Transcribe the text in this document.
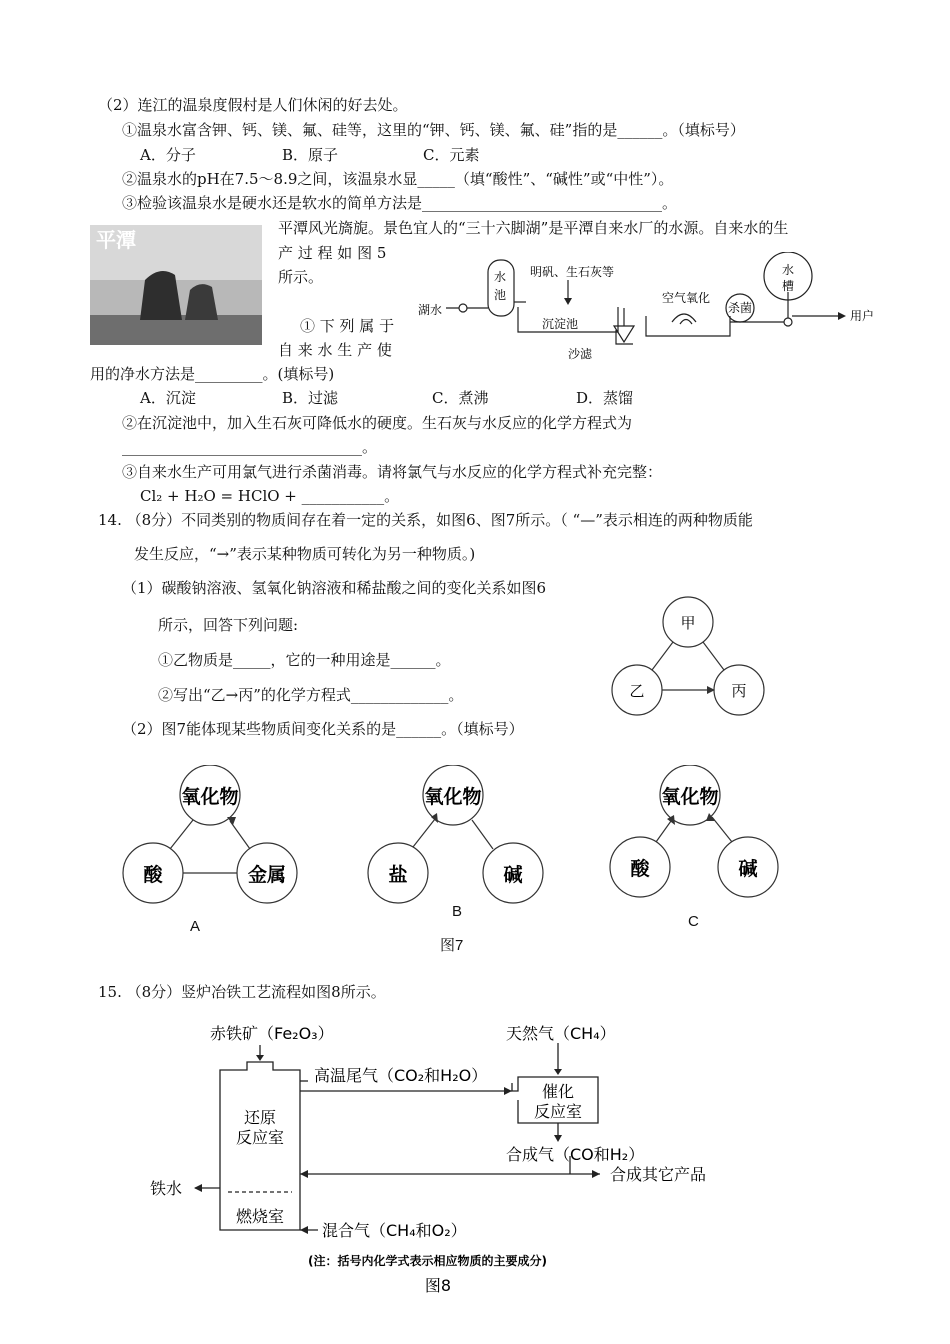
（2）连江的温泉度假村是人们休闲的好去处。
①温泉水富含钾、钙、镁、氟、硅等，这里的“钾、钙、镁、氟、硅”指的是______。（填标号）
A．分子	B．原子	C．元素
②温泉水的pH在7.5～8.9之间，该温泉水显_____（填“酸性”、“碱性”或“中性”）。
③检验该温泉水是硬水还是软水的简单方法是________________________________。
平潭	平潭风光旖旎。景色宜人的“三十六脚湖”是平潭自来水厂的水源。自来水的生
产 过 程 如 图 5
所示。
① 下 列 属 于
自 来 水 生 产 使
用的净水方法是_________。(填标号)
湖水
水
池
明矾、生石灰等
沉淀池
沙滤
空气氧化
杀菌
水
槽
用户
A．沉淀	B．过滤	C．煮沸	D．蒸馏
②在沉淀池中，加入生石灰可降低水的硬度。生石灰与水反应的化学方程式为
________________________________。
③自来水生产可用氯气进行杀菌消毒。请将氯气与水反应的化学方程式补充完整：
Cl₂ + H₂O = HClO + ___________。
14. （8分）不同类别的物质间存在着一定的关系，如图6、图7所示。（ “—”表示相连的两种物质能
发生反应，“→”表示某种物质可转化为另一种物质。)
（1）碳酸钠溶液、氢氧化钠溶液和稀盐酸之间的变化关系如图6
所示，回答下列问题:
①乙物质是_____，它的一种用途是______。
②写出“乙→丙”的化学方程式_____________。
（2）图7能体现某些物质间变化关系的是______。（填标号）
甲
乙	丙
氧化物
酸	金属
A
氧化物
盐	碱
B
氧化物
酸	碱
C
图7
15. （8分）竖炉冶铁工艺流程如图8所示。
赤铁矿（Fe₂O₃）	天然气（CH₄）
高温尾气（CO₂和H₂O）
还原
反应室
催化
反应室
合成气（CO和H₂）
合成其它产品
铁水
燃烧室
混合气（CH₄和O₂）
(注：括号内化学式表示相应物质的主要成分)
图8
